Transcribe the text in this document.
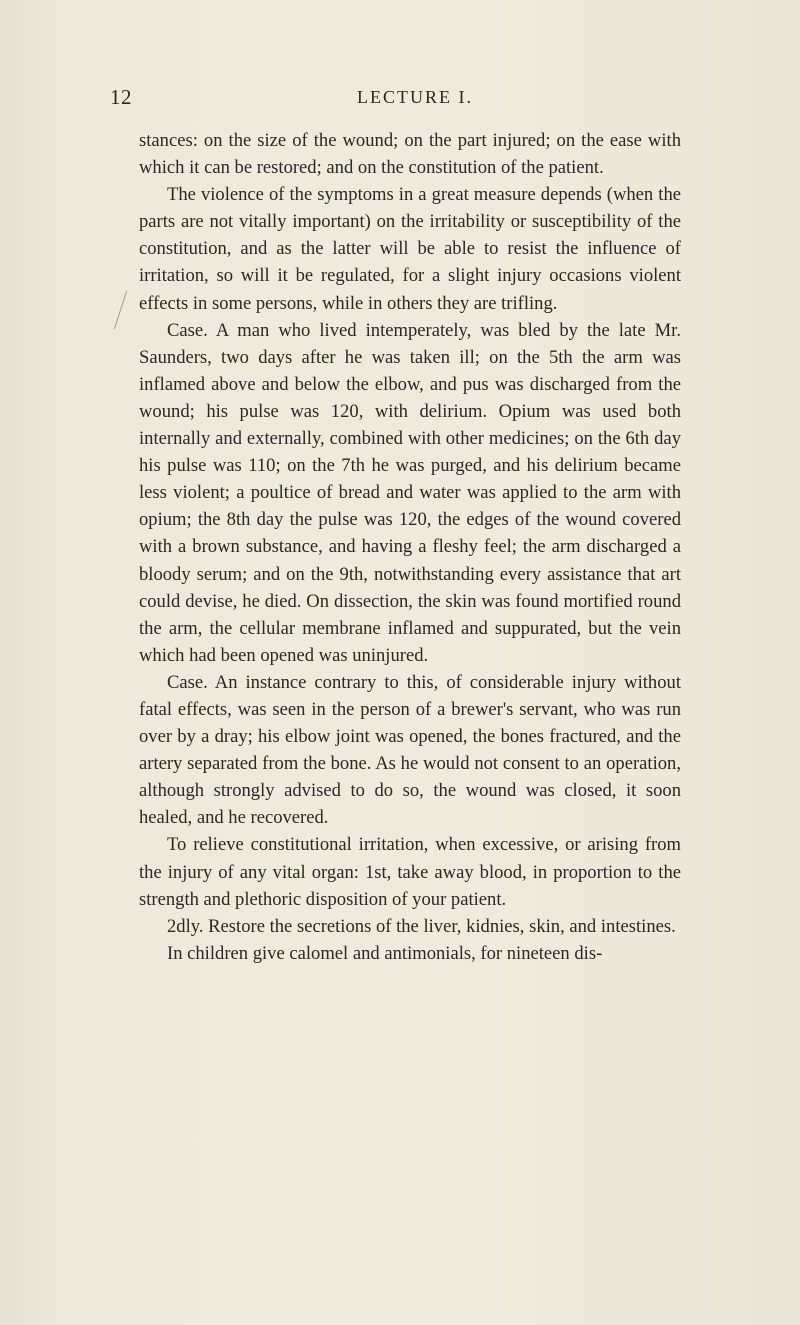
12	LECTURE I.

stances: on the size of the wound; on the part injured; on the ease with which it can be restored; and on the constitution of the patient.

The violence of the symptoms in a great measure depends (when the parts are not vitally important) on the irritability or susceptibility of the constitution, and as the latter will be able to resist the influence of irritation, so will it be regulated, for a slight injury occasions violent effects in some persons, while in others they are trifling.

Case. A man who lived intemperately, was bled by the late Mr. Saunders, two days after he was taken ill; on the 5th the arm was inflamed above and below the elbow, and pus was discharged from the wound; his pulse was 120, with delirium. Opium was used both internally and externally, combined with other medicines; on the 6th day his pulse was 110; on the 7th he was purged, and his delirium became less violent; a poultice of bread and water was applied to the arm with opium; the 8th day the pulse was 120, the edges of the wound covered with a brown substance, and having a fleshy feel; the arm discharged a bloody serum; and on the 9th, notwithstanding every assistance that art could devise, he died. On dissection, the skin was found mortified round the arm, the cellular membrane inflamed and suppurated, but the vein which had been opened was uninjured.

Case. An instance contrary to this, of considerable injury without fatal effects, was seen in the person of a brewer's servant, who was run over by a dray; his elbow joint was opened, the bones fractured, and the artery separated from the bone. As he would not consent to an operation, although strongly advised to do so, the wound was closed, it soon healed, and he recovered.

To relieve constitutional irritation, when excessive, or arising from the injury of any vital organ: 1st, take away blood, in proportion to the strength and plethoric disposition of your patient.

2dly. Restore the secretions of the liver, kidnies, skin, and intestines.

In children give calomel and antimonials, for nineteen dis-
